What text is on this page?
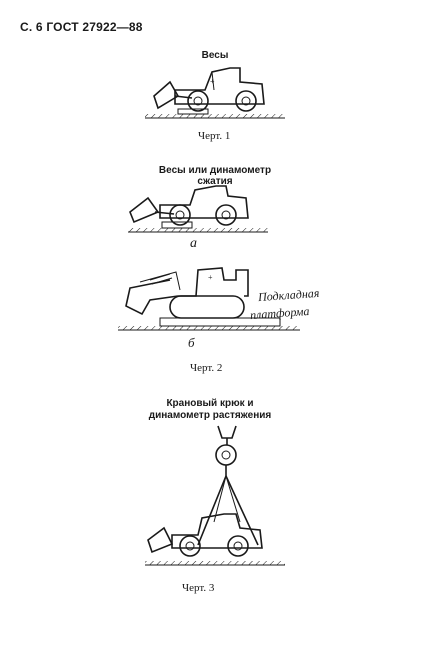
С. 6 ГОСТ 27922—88
Весы
Черт. 1
Весы или динамометр сжатия
а
Подкладная
платформа
б
Черт. 2
Крановый крюк и
динамометр растяжения
Черт. 3
+
+
